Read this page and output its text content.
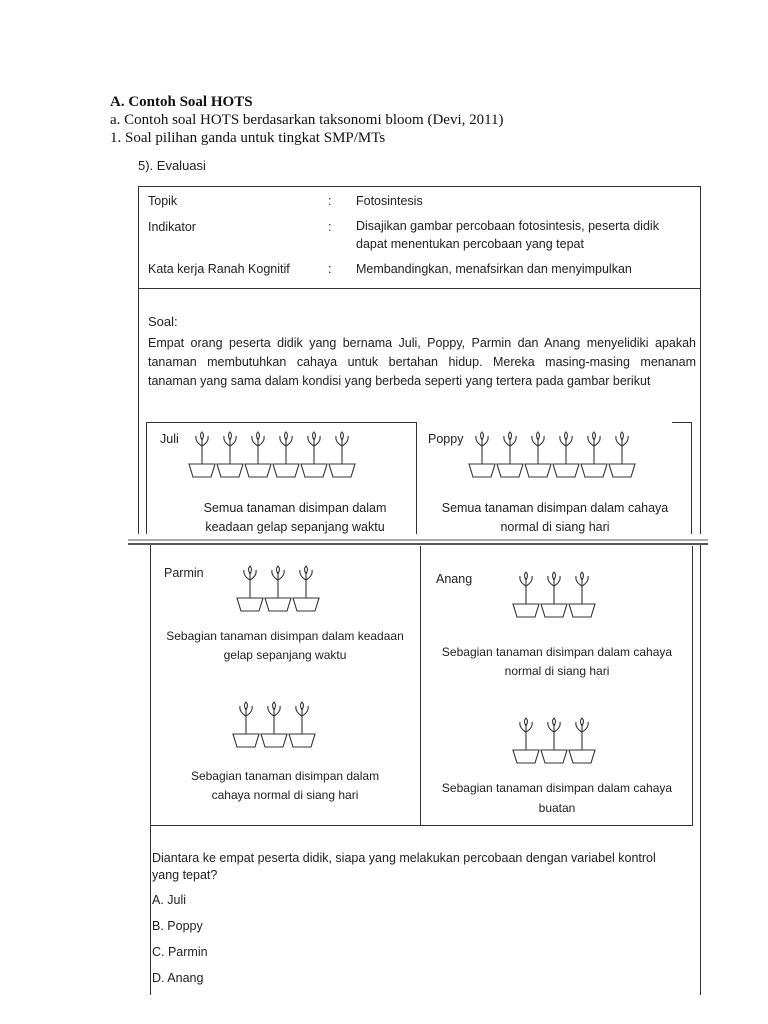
A. Contoh Soal HOTS
a. Contoh soal HOTS berdasarkan taksonomi bloom (Devi, 2011)
1. Soal pilihan ganda untuk tingkat SMP/MTs
5). Evaluasi
Topik	: Fotosintesis
Indikator	: Disajikan gambar percobaan fotosintesis, peserta didik
dapat menentukan percobaan yang tepat
Kata kerja Ranah Kognitif	: Membandingkan, menafsirkan dan menyimpulkan
Soal:
Empat orang peserta didik yang bernama Juli, Poppy, Parmin dan Anang menyelidiki apakah
tanaman membutuhkan cahaya untuk bertahan hidup. Mereka masing-masing menanam
tanaman yang sama dalam kondisi yang berbeda seperti yang tertera pada gambar berikut
Juli
Semua tanaman disimpan dalam
keadaan gelap sepanjang waktu
Poppy
Semua tanaman disimpan dalam cahaya
normal di siang hari
Parmin
Sebagian tanaman disimpan dalam keadaan
gelap sepanjang waktu
Sebagian tanaman disimpan dalam
cahaya normal di siang hari
Anang
Sebagian tanaman disimpan dalam cahaya
normal di siang hari
Sebagian tanaman disimpan dalam cahaya
buatan
Diantara ke empat peserta didik, siapa yang melakukan percobaan dengan variabel kontrol
yang tepat?
A. Juli
B. Poppy
C. Parmin
D. Anang
